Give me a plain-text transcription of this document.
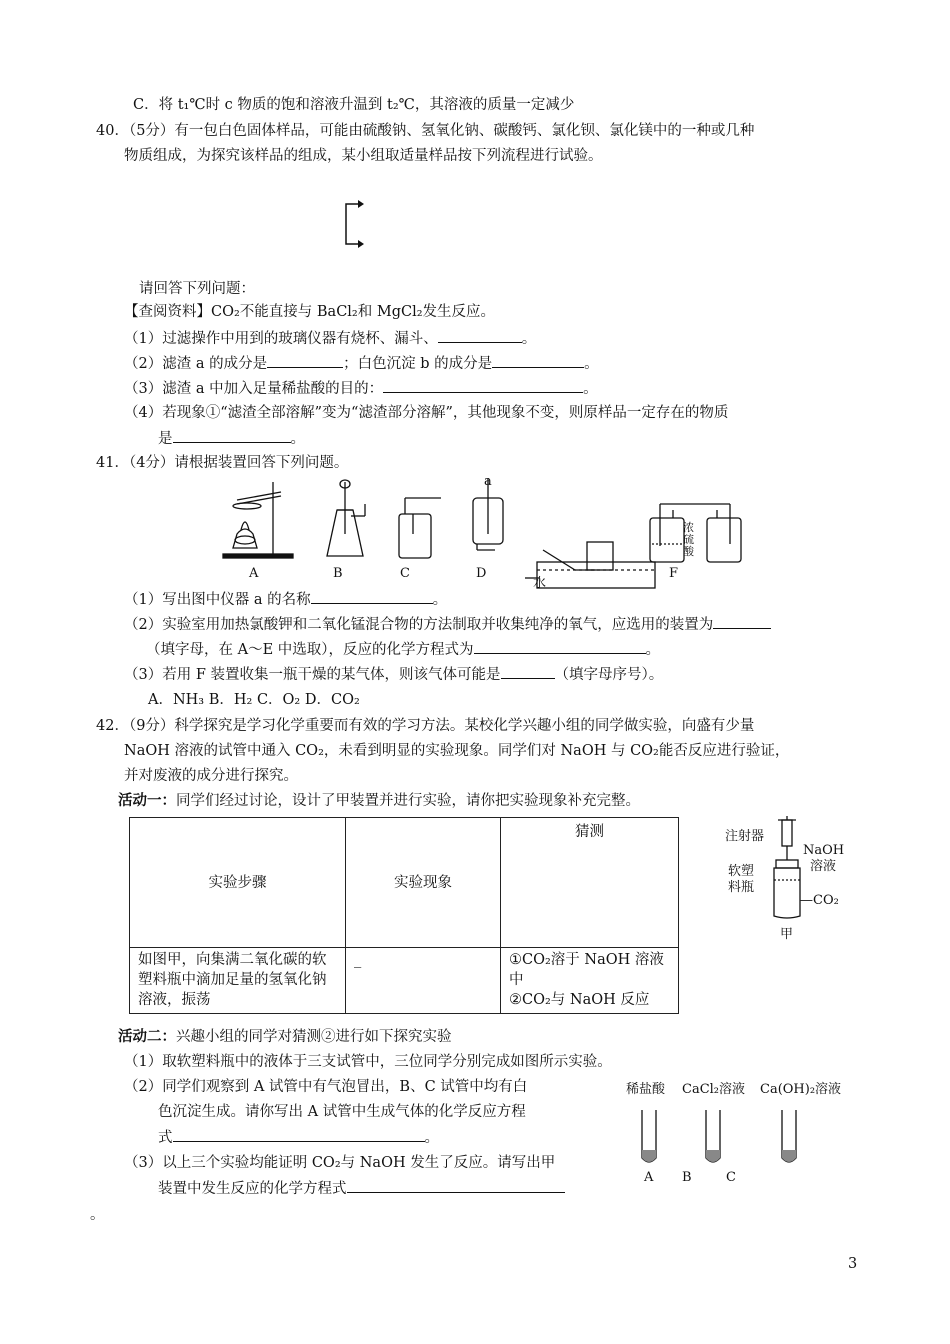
C．将 t₁℃时 c 物质的饱和溶液升温到 t₂℃，其溶液的质量一定减少
40．（5分）有一包白色固体样品，可能由硫酸钠、氢氧化钠、碳酸钙、氯化钡、氯化镁中的一种或几种
物质组成，为探究该样品的组成，某小组取适量样品按下列流程进行试验。
请回答下列问题：
【查阅资料】CO₂不能直接与 BaCl₂和 MgCl₂发生反应。
（1）过滤操作中用到的玻璃仪器有烧杯、漏斗、	。
（2）滤渣 a 的成分是	；白色沉淀 b 的成分是	。
（3）滤渣 a 中加入足量稀盐酸的目的：	。
（4）若现象①“滤渣全部溶解”变为“滤渣部分溶解”，其他现象不变，则原样品一定存在的物质
是	。
41．（4分）请根据装置回答下列问题。
A	B	C	D
a
F
水
浓
硫
酸
（1）写出图中仪器 a 的名称	。
（2）实验室用加热氯酸钾和二氧化锰混合物的方法制取并收集纯净的氧气，应选用的装置为
（填字母，在 A～E 中选取），反应的化学方程式为	。
（3）若用 F 装置收集一瓶干燥的某气体，则该气体可能是	（填字母序号）。
A．NH₃ B．H₂ C．O₂ D．CO₂
42．（9分）科学探究是学习化学重要而有效的学习方法。某校化学兴趣小组的同学做实验，向盛有少量
NaOH 溶液的试管中通入 CO₂，未看到明显的实验现象。同学们对 NaOH 与 CO₂能否反应进行验证，
并对废液的成分进行探究。
活动一：同学们经过讨论，设计了甲装置并进行实验，请你把实验现象补充完整。
实验步骤	实验现象	猜测
如图甲，向集满二氧化碳的软塑料瓶中滴加足量的氢氧化钠溶液，振荡	_	①CO₂溶于 NaOH 溶液中
②CO₂与 NaOH 反应
注射器
NaOH
溶液
软塑
料瓶
—CO₂
甲
活动二：兴趣小组的同学对猜测②进行如下探究实验
（1）取软塑料瓶中的液体于三支试管中，三位同学分别完成如图所示实验。
（2）同学们观察到 A 试管中有气泡冒出，B、C 试管中均有白
色沉淀生成。请你写出 A 试管中生成气体的化学反应方程
式	。
（3）以上三个实验均能证明 CO₂与 NaOH 发生了反应。请写出甲
装置中发生反应的化学方程式
。
稀盐酸 CaCl₂溶液 Ca(OH)₂溶液
A B	C
3
